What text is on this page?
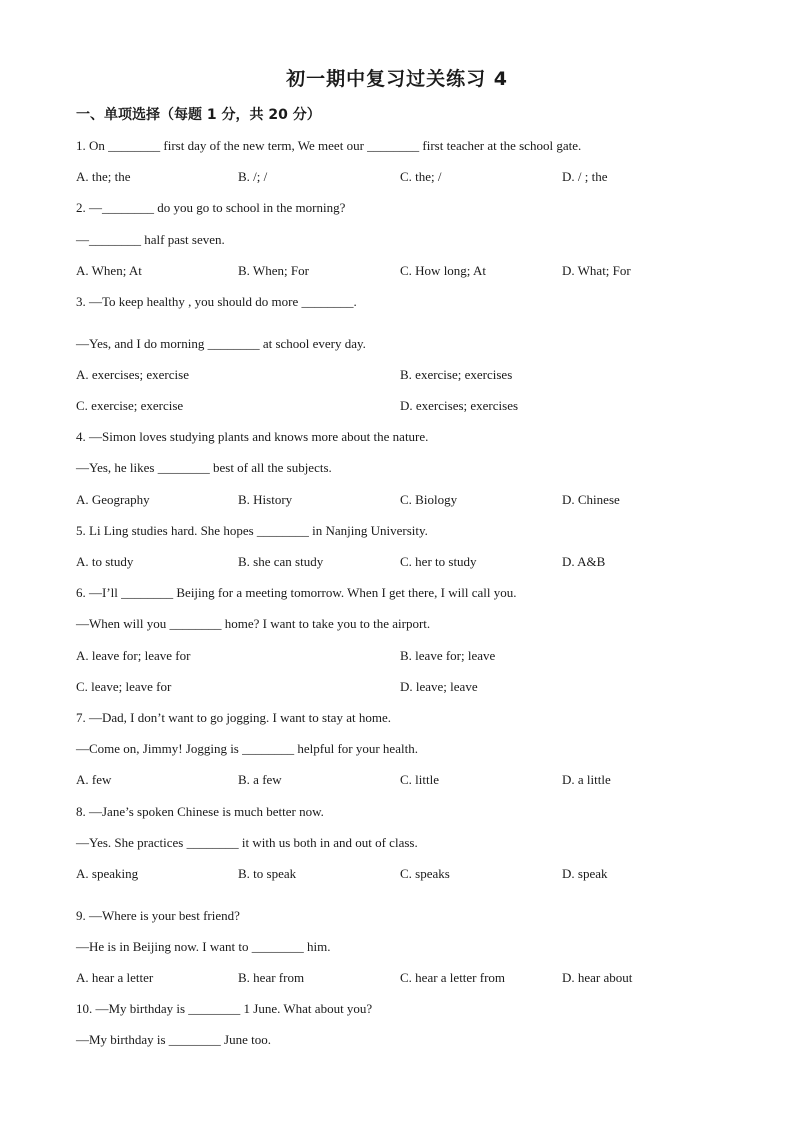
初一期中复习过关练习 4
一、单项选择（每题 1 分，共 20 分）
1. On ________ first day of the new term, We meet our ________ first teacher at the school gate.
A. the; the	B. /; /	C. the; /	D. / ; the
2. —________ do you go to school in the morning?
—________ half past seven.
A. When; At	B. When; For	C. How long; At	D. What; For
3. —To keep healthy , you should do more ________.
—Yes, and I do morning ________ at school every day.
A. exercises; exercise	B. exercise; exercises
C. exercise; exercise	D. exercises; exercises
4. —Simon loves studying plants and knows more about the nature.
—Yes, he likes ________ best of all the subjects.
A. Geography	B. History	C. Biology	D. Chinese
5. Li Ling studies hard. She hopes ________ in Nanjing University.
A. to study	B. she can study	C. her to study	D. A&B
6. —I’ll ________ Beijing for a meeting tomorrow. When I get there, I will call you.
—When will you ________ home? I want to take you to the airport.
A. leave for; leave for	B. leave for; leave
C. leave; leave for	D. leave; leave
7. —Dad, I don’t want to go jogging. I want to stay at home.
—Come on, Jimmy! Jogging is ________ helpful for your health.
A. few	B. a few	C. little	D. a little
8. —Jane’s spoken Chinese is much better now.
—Yes. She practices ________ it with us both in and out of class.
A. speaking	B. to speak	C. speaks	D. speak
9. —Where is your best friend?
—He is in Beijing now. I want to ________ him.
A. hear a letter	B. hear from	C. hear a letter from	D. hear about
10. —My birthday is ________ 1 June. What about you?
—My birthday is ________ June too.
